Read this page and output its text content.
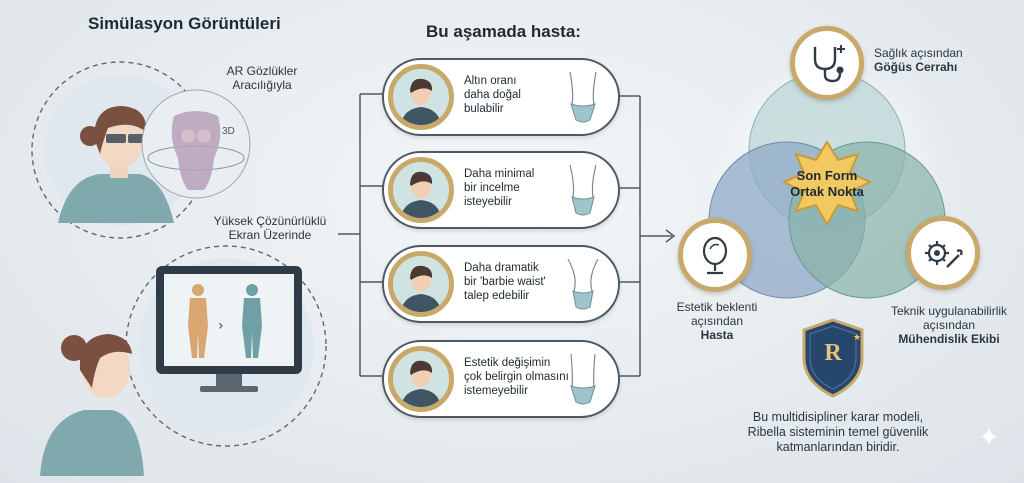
Simülasyon Görüntüleri
3D
AR Gözlükler
Aracılığıyla
Yüksek Çözünürlüklü
Ekran Üzerinde
›
Bu aşamada hasta:
Altın oranı
daha doğal
bulabilir
Daha minimal
bir incelme
isteyebilir
Daha dramatik
bir 'barbie waist'
talep edebilir
Estetik değişimin
çok belirgin olmasını
istemeyebilir
Son Form
Ortak Nokta
Sağlık açısından
Göğüs Cerrahı
Estetik beklenti
açısından
Hasta
Teknik uygulanabilirlik
açısından
Mühendislik Ekibi
★
R
Bu multidisipliner karar modeli,
Ribella sisteminin temel güvenlik
katmanlarından biridir.	✦
